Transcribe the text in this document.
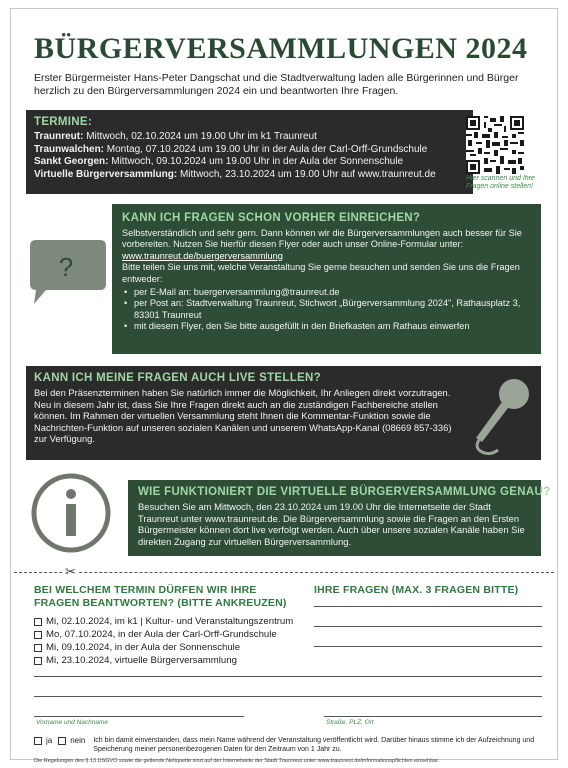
BÜRGERVERSAMMLUNGEN 2024

Erster Bürgermeister Hans-Peter Dangschat und die Stadtverwaltung laden alle Bürgerinnen und Bürger herzlich zu den Bürgerversammlungen 2024 ein und beantworten Ihre Fragen.

TERMINE:
Traunreut: Mittwoch, 02.10.2024 um 19.00 Uhr im k1 Traunreut
Traunwalchen: Montag, 07.10.2024 um 19.00 Uhr in der Aula der Carl-Orff-Grundschule
Sankt Georgen: Mittwoch, 09.10.2024 um 19.00 Uhr in der Aula der Sonnenschule
Virtuelle Bürgerversammlung: Mittwoch, 23.10.2024 um 19.00 Uhr auf www.traunreut.de	Hier scannen und Ihre Fragen online stellen!
?
KANN ICH FRAGEN SCHON VORHER EINREICHEN?

Selbstverständlich und sehr gern. Dann können wir die Bürgerversammlungen auch besser für Sie vorbereiten. Nutzen Sie hierfür diesen Flyer oder auch unser Online-Formular unter:

www.traunreut.de/buergerversammlung

Bitte teilen Sie uns mit, welche Veranstaltung Sie gerne besuchen und senden Sie uns die Fragen entweder:

• per E-Mail an: buergerversammlung@traunreut.de
• per Post an: Stadtverwaltung Traunreut, Stichwort „Bürgerversammlung 2024", Rathausplatz 3, 83301 Traunreut
• mit diesem Flyer, den Sie bitte ausgefüllt in den Briefkasten am Rathaus einwerfen
KANN ICH MEINE FRAGEN AUCH LIVE STELLEN?

Bei den Präsenzterminen haben Sie natürlich immer die Möglichkeit, Ihr Anliegen direkt vorzutragen. Neu in diesem Jahr ist, dass Sie Ihre Fragen direkt auch an die zuständigen Fachbereiche stellen können. Im Rahmen der virtuellen Versammlung steht Ihnen die Kommentar-Funktion sowie die Nachrichten-Funktion auf unseren sozialen Kanälen und unserem WhatsApp-Kanal (08669 857-336) zur Verfügung.

WIE FUNKTIONIERT DIE VIRTUELLE BÜRGERVERSAMMLUNG GENAU?

Besuchen Sie am Mittwoch, den 23.10.2024 um 19.00 Uhr die Internetseite der Stadt Traunreut unter www.traunreut.de. Die Bürgerversammlung sowie die Fragen an den Ersten Bürgermeister können dort live verfolgt werden. Auch über unsere sozialen Kanäle haben Sie direkten Zugang zur virtuellen Bürgerversammlung.

✂
BEI WELCHEM TERMIN DÜRFEN WIR IHRE FRAGEN BEANTWORTEN? (BITTE ANKREUZEN)
IHRE FRAGEN (MAX. 3 FRAGEN BITTE)
Mi, 02.10.2024, im k1 | Kultur- und Veranstaltungszentrum
Mo, 07.10.2024, in der Aula der Carl-Orff-Grundschule
Mi, 09.10.2024, in der Aula der Sonnenschule
Mi, 23.10.2024, virtuelle Bürgerversammlung
Vorname und Nachname	Straße, PLZ, Ort
ja nein Ich bin damit einverstanden, dass mein Name während der Veranstaltung veröffentlicht wird. Darüber hinaus stimme ich der Aufzeichnung und Speicherung meiner personenbezogenen Daten für den Zeitraum von 1 Jahr zu.
Die Regelungen des § 13 DSGVO sowie die geltende Netiquette sind auf der Internetseite der Stadt Traunreut unter www.traunreut.de/informationspflichten einsehbar.
